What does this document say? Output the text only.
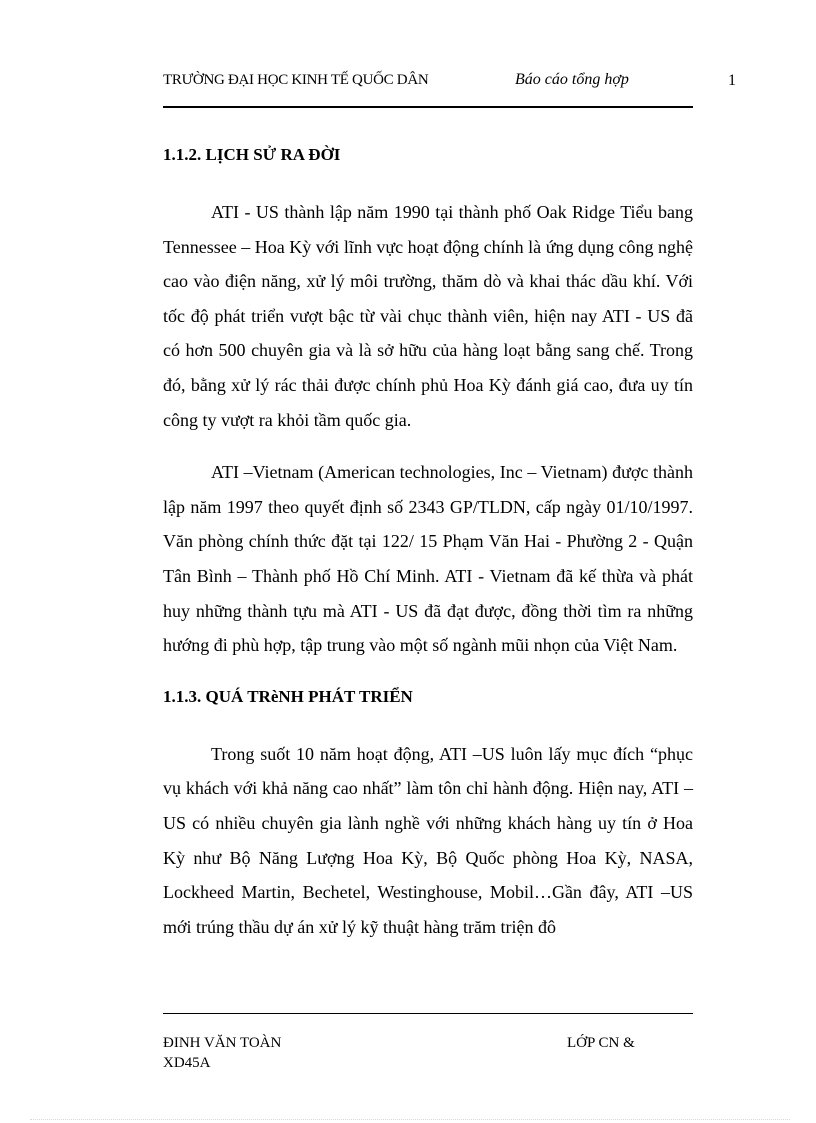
TRƯỜNG ĐẠI HỌC KINH TẾ QUỐC DÂN	Báo cáo tổng hợp	1
1.1.2. LỊCH SỬ RA ĐỜI

ATI - US thành lập năm 1990 tại thành phố Oak Ridge Tiểu bang Tennessee – Hoa Kỳ với lĩnh vực hoạt động chính là ứng dụng công nghệ cao vào điện năng, xử lý môi trường, thăm dò và khai thác dầu khí. Với tốc độ phát triển vượt bậc từ vài chục thành viên, hiện nay ATI - US đã có hơn 500 chuyên gia và là sở hữu của hàng loạt bằng sang chế. Trong đó, bằng xử lý rác thải được chính phủ Hoa Kỳ đánh giá cao, đưa uy tín công ty vượt ra khỏi tầm quốc gia.

ATI –Vietnam (American technologies, Inc – Vietnam) được thành lập năm 1997 theo quyết định số 2343 GP/TLDN, cấp ngày 01/10/1997. Văn phòng chính thức đặt tại 122/ 15 Phạm Văn Hai - Phường 2 - Quận Tân Bình – Thành phố Hồ Chí Minh. ATI - Vietnam đã kế thừa và phát huy những thành tựu mà ATI - US đã đạt được, đồng thời tìm ra những hướng đi phù hợp, tập trung vào một số ngành mũi nhọn của Việt Nam.

1.1.3. QUÁ TRèNH PHÁT TRIỂN

Trong suốt 10 năm hoạt động, ATI –US luôn lấy mục đích “phục vụ khách với khả năng cao nhất” làm tôn chỉ hành động. Hiện nay, ATI –US có nhiều chuyên gia lành nghề với những khách hàng uy tín ở Hoa Kỳ như Bộ Năng Lượng Hoa Kỳ, Bộ Quốc phòng Hoa Kỳ, NASA, Lockheed Martin, Bechetel, Westinghouse, Mobil…Gần đây, ATI –US mới trúng thầu dự án xử lý kỹ thuật hàng trăm triện đô

ĐINH VĂN TOÀN	LỚP CN &
XD45A
